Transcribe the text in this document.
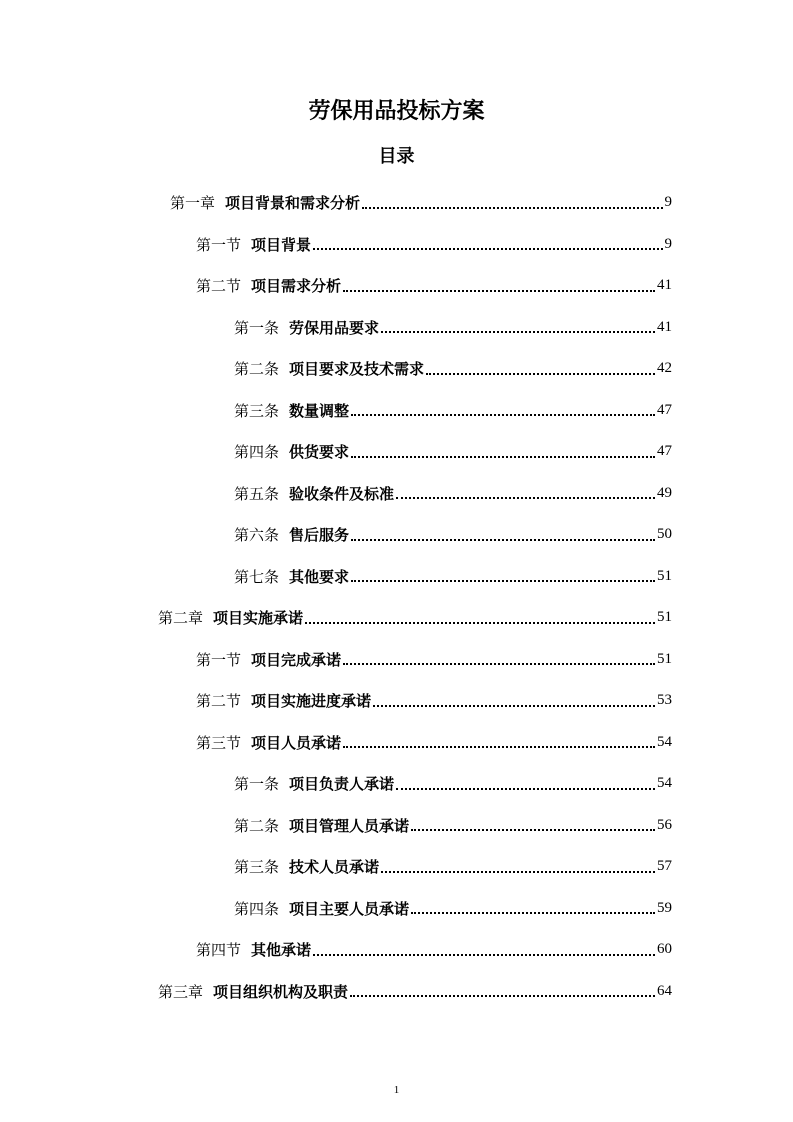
劳保用品投标方案
目录
第一章 项目背景和需求分析	9
第一节 项目背景	9
第二节 项目需求分析	41
第一条 劳保用品要求	41
第二条 项目要求及技术需求	42
第三条 数量调整	47
第四条 供货要求	47
第五条 验收条件及标准	49
第六条 售后服务	50
第七条 其他要求	51
第二章 项目实施承诺	51
第一节 项目完成承诺	51
第二节 项目实施进度承诺	53
第三节 项目人员承诺	54
第一条 项目负责人承诺	54
第二条 项目管理人员承诺	56
第三条 技术人员承诺	57
第四条 项目主要人员承诺	59
第四节 其他承诺	60
第三章 项目组织机构及职责	64
1
